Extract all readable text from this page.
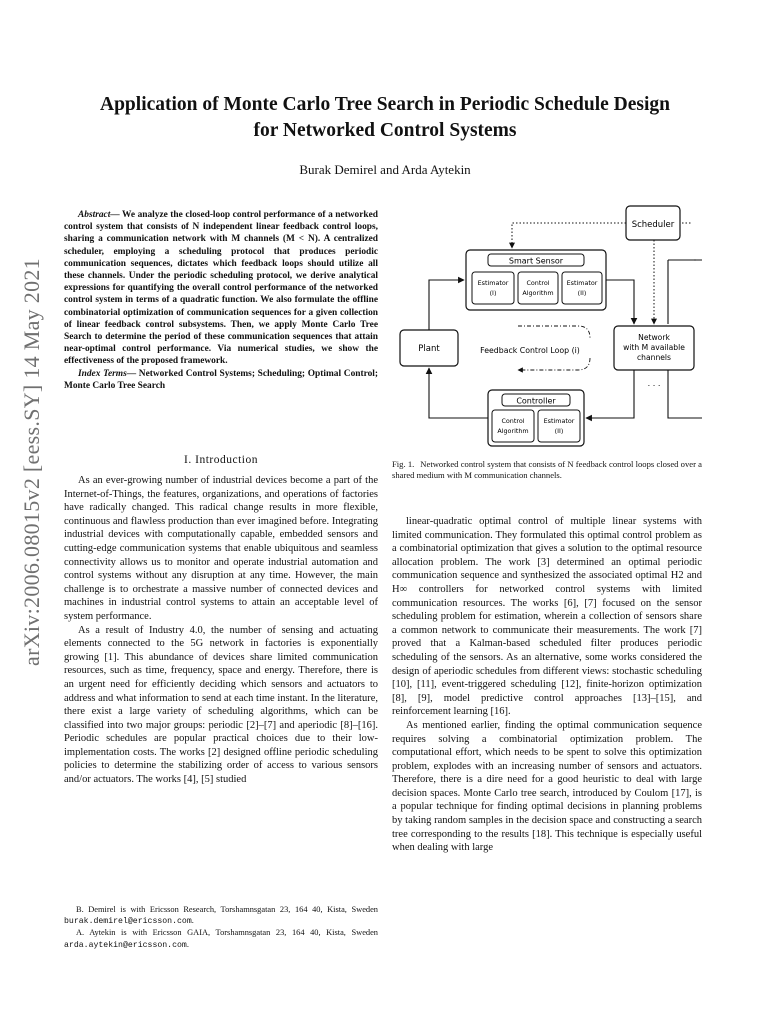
arXiv:2006.08015v2 [eess.SY] 14 May 2021
Application of Monte Carlo Tree Search in Periodic Schedule Design
for Networked Control Systems
Burak Demirel and Arda Aytekin

Abstract— We analyze the closed-loop control performance of a networked control system that consists of N independent linear feedback control loops, sharing a communication network with M channels (M < N). A centralized scheduler, employing a scheduling protocol that produces periodic communication sequences, dictates which feedback loops should utilize all these channels. Under the periodic scheduling protocol, we derive analytical expressions for quantifying the overall control performance of the networked control system in terms of a quadratic function. We also formulate the offline combinatorial optimization of communication sequences for a given collection of linear feedback control subsystems. Then, we apply Monte Carlo Tree Search to determine the period of these communication sequences that attain near-optimal control performance. Via numerical studies, we show the effectiveness of the proposed framework.

Index Terms— Networked Control Systems; Scheduling; Optimal Control; Monte Carlo Tree Search

I. Introduction

As an ever-growing number of industrial devices become a part of the Internet-of-Things, the features, organizations, and operations of factories have radically changed. This radical change results in more flexible, continuous and flawless production than ever imagined before. Integrating industrial devices with computationally capable, embedded sensors and cutting-edge communication systems that enable ubiquitous and seamless connectivity allows us to monitor and operate industrial automation and control systems without any disruption at any time. However, the main challenge is to orchestrate a massive number of connected devices and machines in industrial control systems to attain an acceptable level of system performance.

As a result of Industry 4.0, the number of sensing and actuating elements connected to the 5G network in factories is exponentially growing [1]. This abundance of devices share limited communication resources, such as time, frequency, space and energy. Therefore, there is an urgent need for efficiently deciding which sensors and actuators to address and what information to send at each time instant. In the literature, there exist a large variety of scheduling algorithms, which can be classified into two major groups: periodic [2]–[7] and aperiodic [8]–[16]. Periodic schedules are popular practical choices due to their low-implementation costs. The works [2] designed offline periodic scheduling policies to determine the stabilizing order of access to various sensors and/or actuators. The works [4], [5] studied

B. Demirel is with Ericsson Research, Torshamnsgatan 23, 164 40, Kista, Sweden burak.demirel@ericsson.com.

A. Aytekin is with Ericsson GAIA, Torshamnsgatan 23, 164 40, Kista, Sweden arda.aytekin@ericsson.com.

Scheduler
Smart Sensor
Estimator
(I)
Control
Algorithm
Estimator
(II)
Plant
Network
with M available
channels
Feedback Control Loop (i)
Controller
Control
Algorithm
Estimator
(II)
. . .
Fig. 1. Networked control system that consists of N feedback control loops closed over a shared medium with M communication channels.

linear-quadratic optimal control of multiple linear systems with limited communication. They formulated this optimal control problem as a combinatorial optimization that gives a solution to the optimal resource allocation problem. The work [3] determined an optimal periodic communication sequence and synthesized the associated optimal H2 and H∞ controllers for networked control systems with limited communication resources. The works [6], [7] focused on the sensor scheduling problem for estimation, wherein a collection of sensors share a common network to communicate their measurements. The work [7] proved that a Kalman-based scheduled filter produces periodic scheduling of the sensors. As an alternative, some works considered the design of aperiodic schedules from different views: stochastic scheduling [10], [11], event-triggered scheduling [12], finite-horizon optimization [8], [9], model predictive control approaches [13]–[15], and reinforcement learning [16].

As mentioned earlier, finding the optimal communication sequence requires solving a combinatorial optimization problem. The computational effort, which needs to be spent to solve this optimization problem, explodes with an increasing number of sensors and actuators. Therefore, there is a dire need for a good heuristic to deal with large decision spaces. Monte Carlo tree search, introduced by Coulom [17], is a popular technique for finding optimal decisions in planning problems by taking random samples in the decision space and constructing a search tree corresponding to the results [18]. This technique is especially useful when dealing with large
